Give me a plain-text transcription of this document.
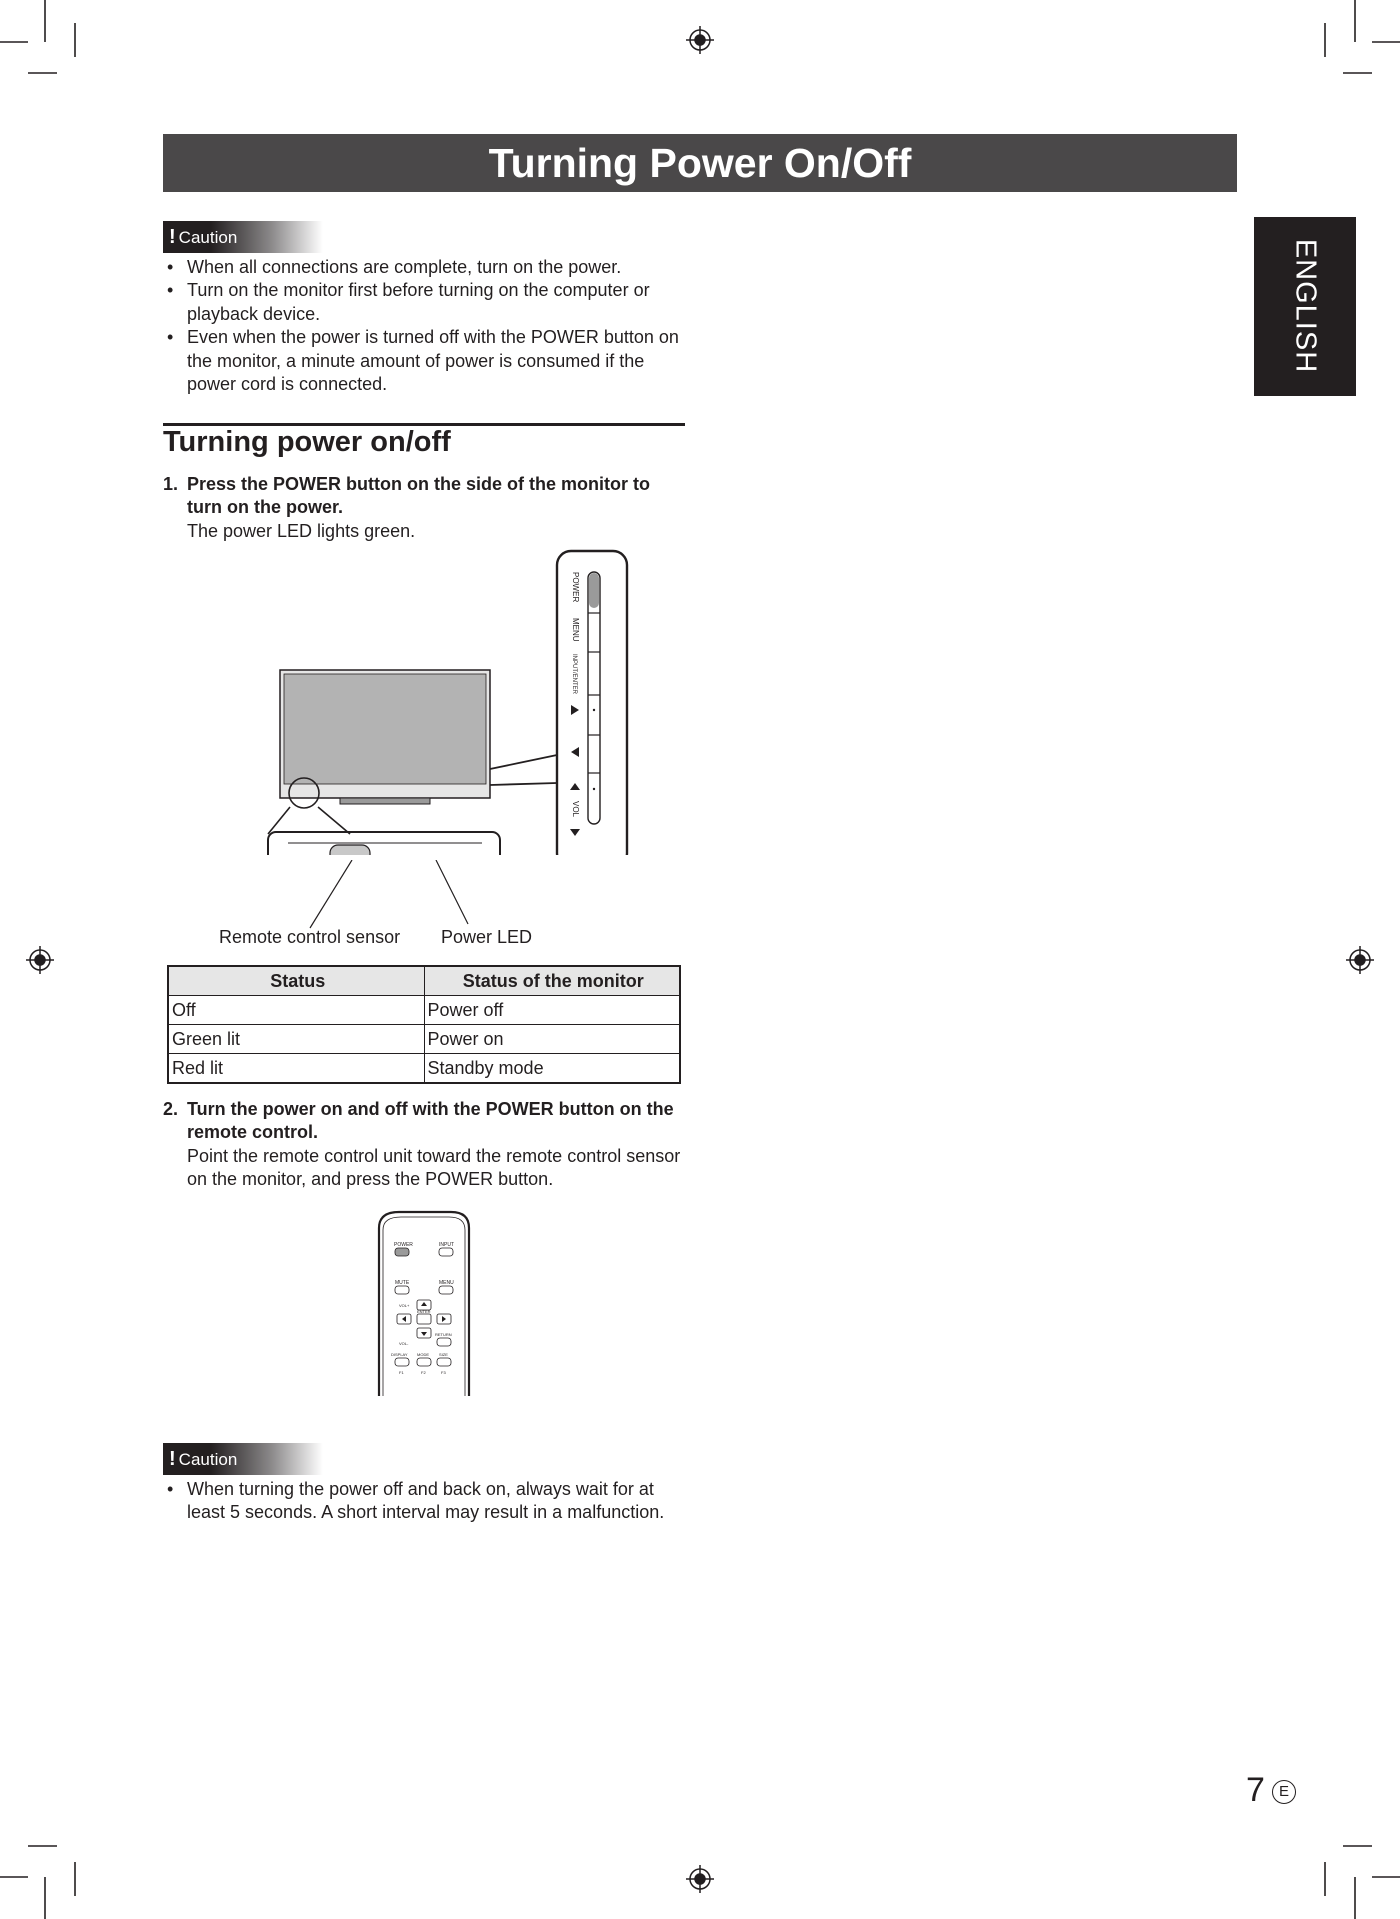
Turning Power On/Off
ENGLISH
! Caution
• When all connections are complete, turn on the power.
• Turn on the monitor first before turning on the computer or playback device.
• Even when the power is turned off with the POWER button on the monitor, a minute amount of power is consumed if the power cord is connected.
Turning power on/off
1. Press the POWER button on the side of the monitor to turn on the power.
The power LED lights green.
POWER
MENU
INPUT/ENTER
VOL
Remote control sensor Power LED
Status	Status of the monitor
Off	Power off
Green lit	Power on
Red lit	Standby mode
2. Turn the power on and off with the POWER button on the remote control.
Point the remote control unit toward the remote control sensor on the monitor, and press the POWER button.
POWER	INPUT
MUTE	MENU
VOL+
ENTER
VOL-
RETURN
DISPLAY MODE	SIZE
F1	F2	F3
! Caution
• When turning the power off and back on, always wait for at least 5 seconds. A short interval may result in a malfunction.
7 E
